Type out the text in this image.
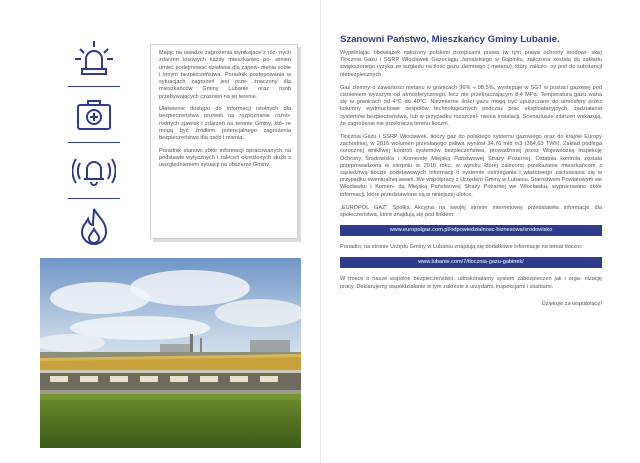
Mając na uwadze zagrożenia wynikające z róż- nych zdarzeń losowych każdy mieszkaniec po- winien umieć podejmować działania dla zapew- nienia sobie i innym bezpieczeństwa. Poradnik postępowania w sytuacjach zagrożeń jest prze- znaczony dla mieszkańców Gminy Lubanie oraz osób przebywających czasowo na jej terenie.

Ułatwienie dostępu do informacji istotnych dla bezpieczeństwa pozwoli na rozpoznanie różno- rodnych zjawisk i zdarzeń na terenie Gminy, któ- re mogą być źródłem potencjalnego zagrożenia bezpieczeństwa dla osób i mienia.

Poradnik stanowi zbiór informacji opracowanych na podstawie wytycznych i zaleceń określonych służb z uwzględnieniem sytuacji na obszarze Gminy.

Szanowni Państwo, Mieszkańcy Gminy Lubanie.

Wypełniając obowiązek nałożony polskimi przepisami prawa (w tym prawa ochrony środowi- ska) Tłocznia Gazu i SSRP Włocławek Gazociągu Jamalskiego w Gąbinku, zaliczona została do zakładu zwiększonego ryzyka ze względu na ilość gazu ziemnego ( metanu), który zaliczo- ny jest do substancji niebezpiecznych.

Gaz ziemny o zawartości metanu w granicach 96% ÷ 98,5%, występuje w SGT w postaci gazowej pod ciśnieniem wyższym od atmosferycznego, lecz nie przekraczającym 8,4 MPa. Temperatura gazu waha się w granicach od 4°C do 40°C. Niezmierne ilości gazu mogą być upuszczane do atmosfery przez kolumny wydmuchowe zespołów technologicznych podczas prac eksploatacyjnych, zadziałania systemów bezpieczeństwa, lub w przypadku rozszczel- nienia instalacji. Scenariusze zdarzeń wskazują, że zagrożenie nie przekracza terenu tłoczni.

Tłocznia Gazu i SSRP Włocławek, tłoczy gaz do polskiego systemu gazowego oraz do krajów Europy zachodniej, w 2016 wolumen przesłanego paliwa wyniósł 34,76 mld m3 (364,63 TWh). Zakład podlega corocznej wnikliwej kontroli systemów bezpieczeństwa, prowadzonej przez Wojewódzką Inspekcję Ochrony Środowiska i Komendę Miejską Państwowej Straży Pożarnej. Ostatnia kontrola została przeprowadzona w sierpniu w 2016 roku, w wyniku której zalecono przekazanie mieszkańcom z sąsiedztwa tłoczni podstawowych informacji o systemie ostrzegania i właściwego zachowania się w przypadku ewentualnej awarii. We współpracy z Urzędem Gminy w Lubaniu, Starostwem Powiatowym we Włocławku i Komen- dą Miejską Państwowej Straży Pożarnej we Włocławku, wypracowano zbiór informacji, które przedstawione są w niniejszej ulotce.

„EUROPOL GAZ" Spółka Akcyjna na swojej stronie internetowej przedstawiła informacje dla społeczeństwa, które znajdują się pod linkiem:

www.europolgaz.com.pl/odpowiedzialnosc-biznesowa/srodowisko

Ponadto, na stronie Urzędu Gminy w Lubaniu znajdują się dodatkowe informacje na temat tłoczni:

www.lubanie.com/7/tlocznia-gazu-gabinek/

W trosce o nasze wspólne bezpieczeństwo, udoskonalamy system zabezpieczeń jak i orga- nizację pracy. Deklarujemy współdziałanie w tym zakresie z urzędami, inspekcjami i służbami.

Dziękuje za współpracę!
